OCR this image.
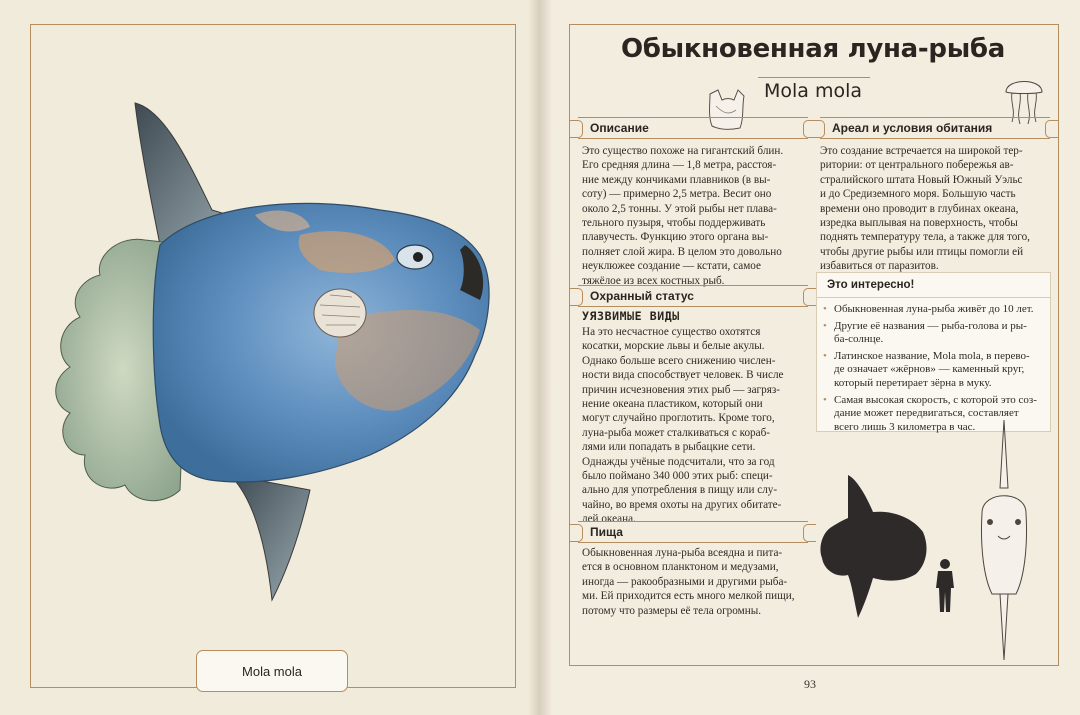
Mola mola
Обыкновенная луна-рыба
Mola mola
Описание
Это существо похоже на гигантский блин.
Его средняя длина — 1,8 метра, расстоя-
ние между кончиками плавников (в вы-
соту) — примерно 2,5 метра. Весит оно
около 2,5 тонны. У этой рыбы нет плава-
тельного пузыря, чтобы поддерживать
плавучесть. Функцию этого органа вы-
полняет слой жира. В целом это довольно
неуклюжее создание — кстати, самое
тяжёлое из всех костных рыб.
Ареал и условия обитания
Это создание встречается на широкой тер-
ритории: от центрального побережья ав-
стралийского штата Новый Южный Уэльс
и до Средиземного моря. Большую часть
времени оно проводит в глубинах океана,
изредка выплывая на поверхность, чтобы
поднять температуру тела, а также для того,
чтобы другие рыбы или птицы помогли ей
избавиться от паразитов.
Охранный статус
УЯЗВИМЫЕ ВИДЫ
На это несчастное существо охотятся
косатки, морские львы и белые акулы.
Однако больше всего снижению числен-
ности вида способствует человек. В числе
причин исчезновения этих рыб — загряз-
нение океана пластиком, который они
могут случайно проглотить. Кроме того,
луна-рыба может сталкиваться с кораб-
лями или попадать в рыбацкие сети.
Однажды учёные подсчитали, что за год
было поймано 340 000 этих рыб: специ-
ально для употребления в пищу или слу-
чайно, во время охоты на других обитате-
лей океана.
Пища
Обыкновенная луна-рыба всеядна и пита-
ется в основном планктоном и медузами,
иногда — ракообразными и другими рыба-
ми. Ей приходится есть много мелкой пищи,
потому что размеры её тела огромны.
Это интересно!
• Обыкновенная луна-рыба живёт до 10 лет.
• Другие её названия — рыба-голова и ры-
ба-солнце.
• Латинское название, Mola mola, в перево-
де означает «жёрнов» — каменный круг,
который перетирает зёрна в муку.
• Самая высокая скорость, с которой это соз-
дание может передвигаться, составляет
всего лишь 3 километра в час.
93
